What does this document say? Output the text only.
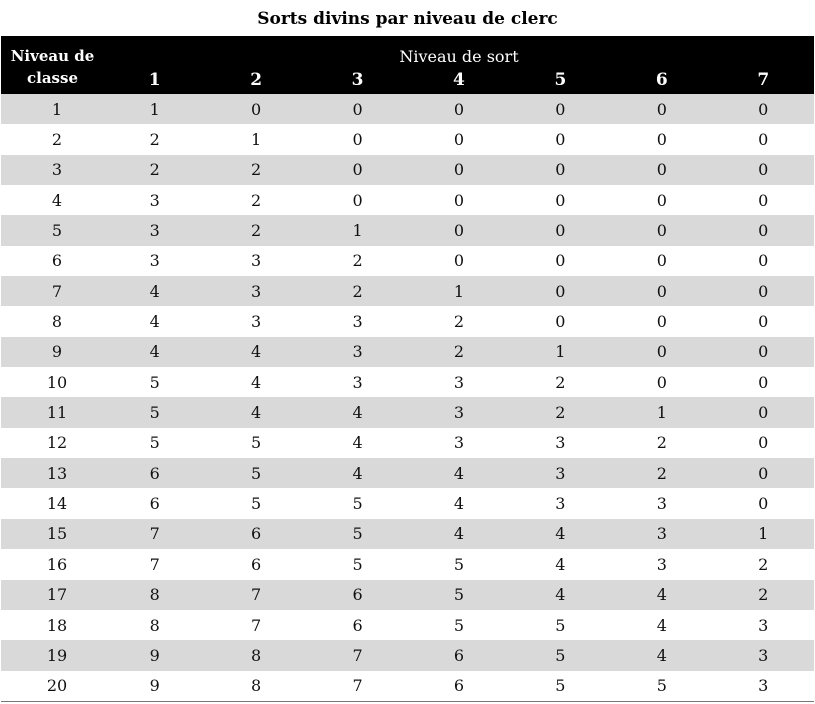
Sorts divins par niveau de clerc
Niveau de
classe	Niveau de sort						
	1	2	3	4	5	6	7
1	1	0	0	0	0	0	0
2	2	1	0	0	0	0	0
3	2	2	0	0	0	0	0
4	3	2	0	0	0	0	0
5	3	2	1	0	0	0	0
6	3	3	2	0	0	0	0
7	4	3	2	1	0	0	0
8	4	3	3	2	0	0	0
9	4	4	3	2	1	0	0
10	5	4	3	3	2	0	0
11	5	4	4	3	2	1	0
12	5	5	4	3	3	2	0
13	6	5	4	4	3	2	0
14	6	5	5	4	3	3	0
15	7	6	5	4	4	3	1
16	7	6	5	5	4	3	2
17	8	7	6	5	4	4	2
18	8	7	6	5	5	4	3
19	9	8	7	6	5	4	3
20	9	8	7	6	5	5	3
